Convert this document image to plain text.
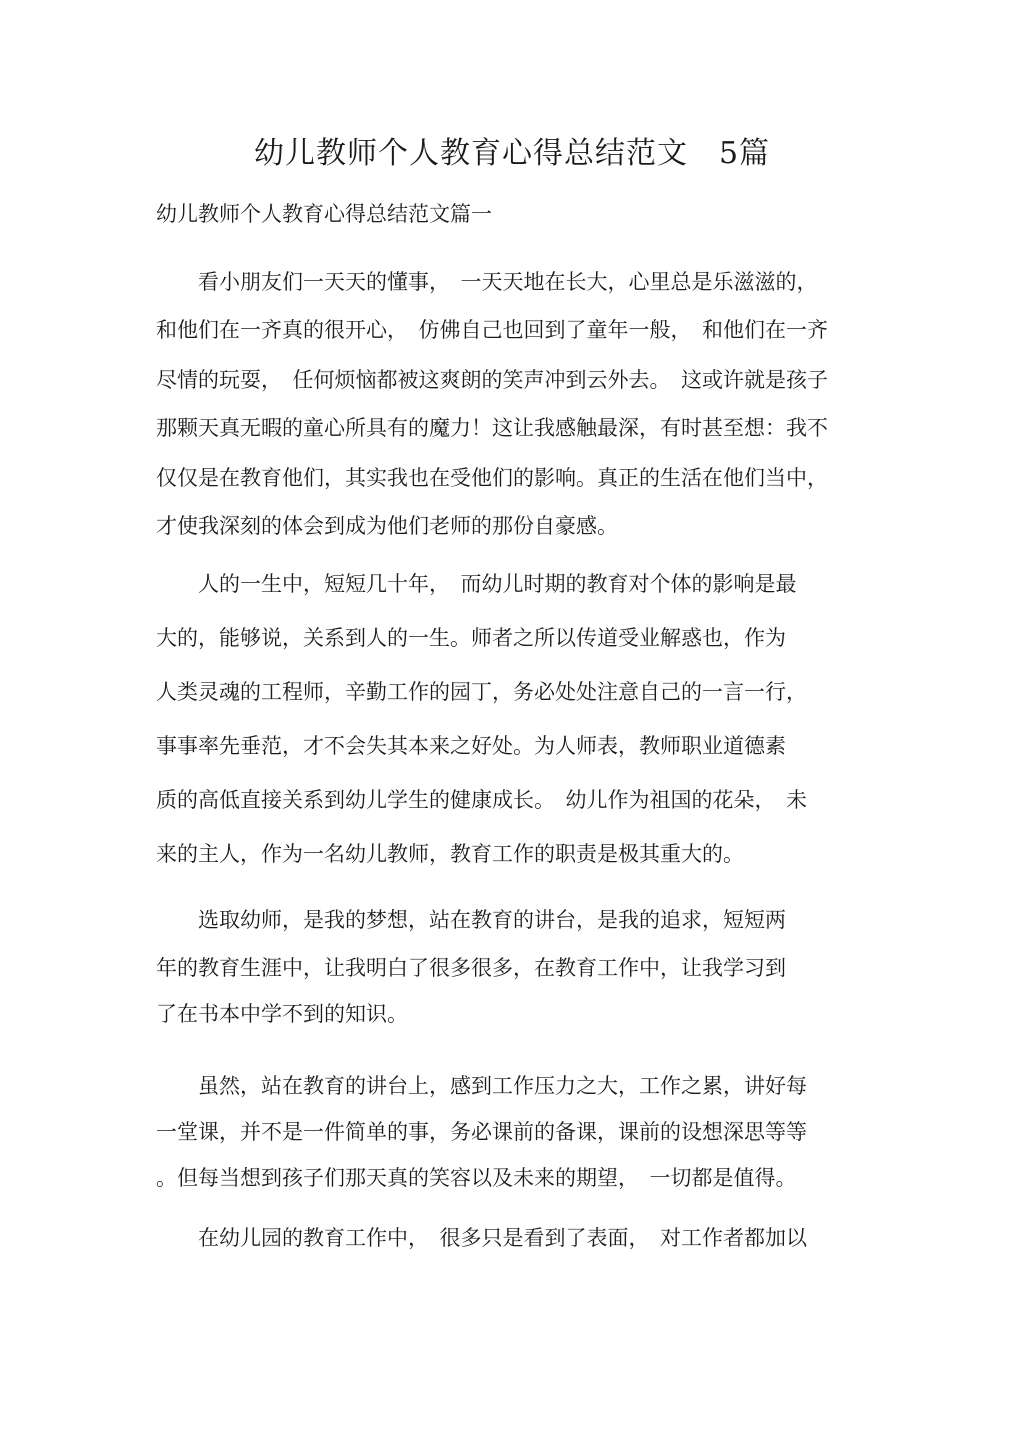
幼儿教师个人教育心得总结范文　5篇
幼儿教师个人教育心得总结范文篇一
　　看小朋友们一天天的懂事，　一天天地在长大，心里总是乐滋滋的，
和他们在一齐真的很开心，　仿佛自己也回到了童年一般，　和他们在一齐
尽情的玩耍，　任何烦恼都被这爽朗的笑声冲到云外去。　这或许就是孩子
那颗天真无暇的童心所具有的魔力！这让我感触最深，有时甚至想：我不
仅仅是在教育他们，其实我也在受他们的影响。真正的生活在他们当中，
才使我深刻的体会到成为他们老师的那份自豪感。
　　人的一生中，短短几十年，　而幼儿时期的教育对个体的影响是最
大的，能够说，关系到人的一生。师者之所以传道受业解惑也，作为
人类灵魂的工程师，辛勤工作的园丁，务必处处注意自己的一言一行，
事事率先垂范，才不会失其本来之好处。为人师表，教师职业道德素
质的高低直接关系到幼儿学生的健康成长。　幼儿作为祖国的花朵，　未
来的主人，作为一名幼儿教师，教育工作的职责是极其重大的。
　　选取幼师，是我的梦想，站在教育的讲台，是我的追求，短短两
年的教育生涯中，让我明白了很多很多，在教育工作中，让我学习到
了在书本中学不到的知识。
　　虽然，站在教育的讲台上，感到工作压力之大，工作之累，讲好每
一堂课，并不是一件简单的事，务必课前的备课，课前的设想深思等等
。但每当想到孩子们那天真的笑容以及未来的期望，　一切都是值得。
　　在幼儿园的教育工作中，　很多只是看到了表面，　对工作者都加以
